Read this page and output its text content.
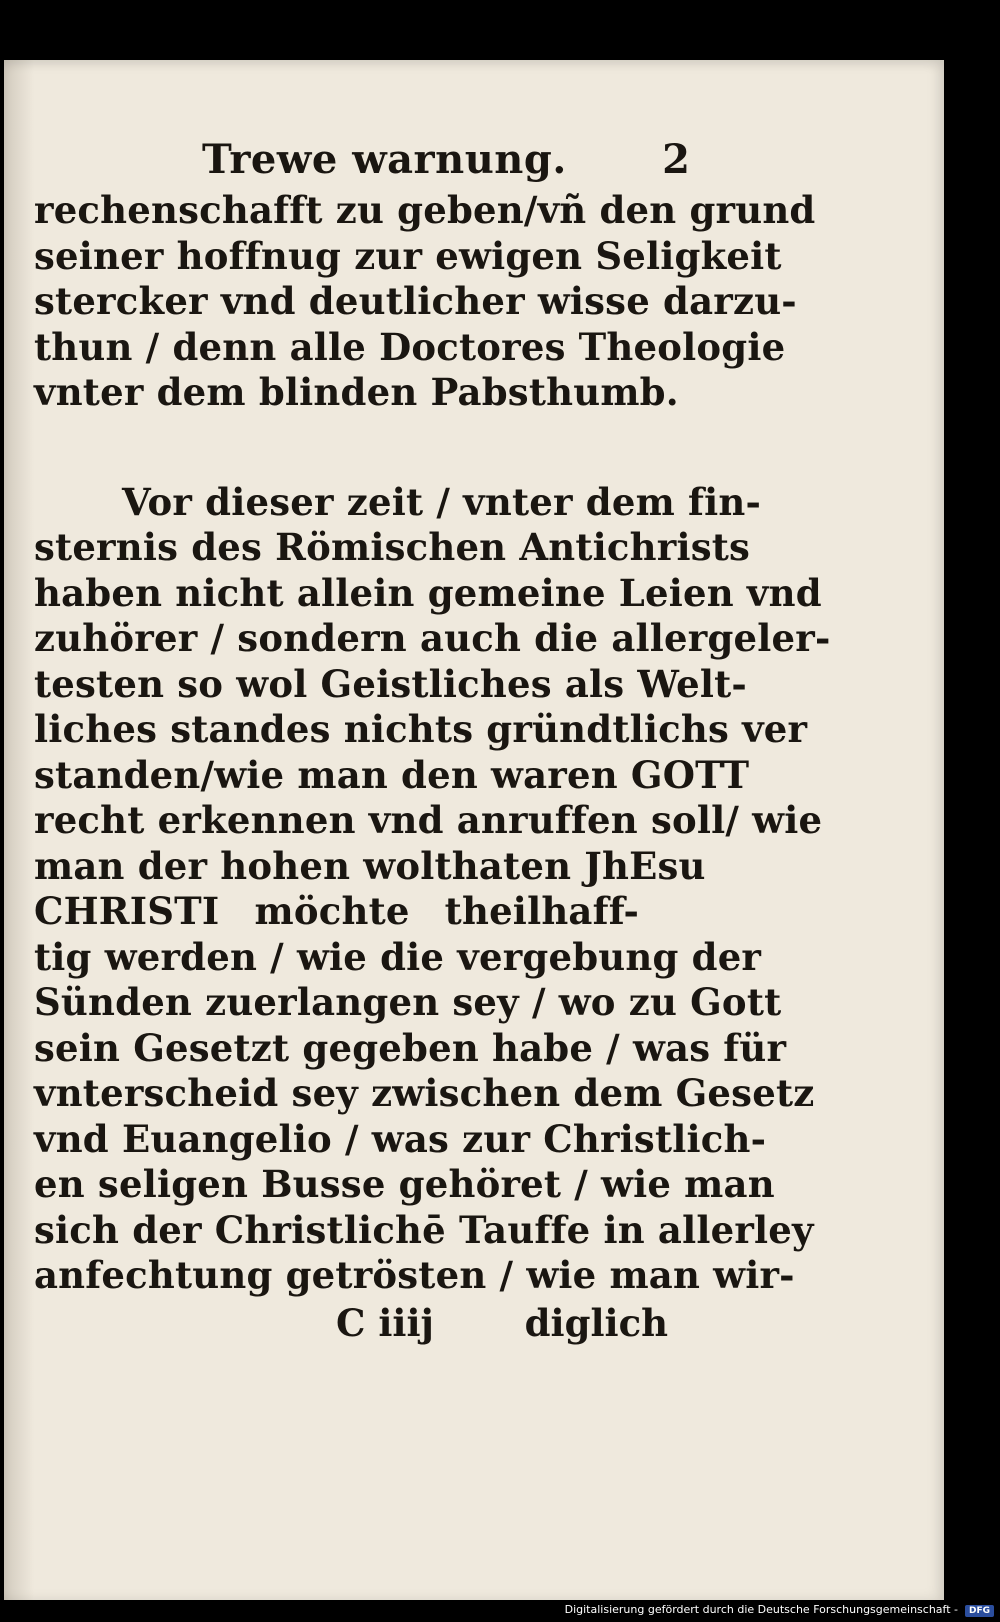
Trewe warnung. 2
rechenschafft zu geben/vñ den grund
seiner hoffnug zur ewigen Seligkeit
stercker vnd deutlicher wisse darzu-
thun / denn alle Doctores Theologie
vnter dem blinden Pabsthumb.
Vor dieser zeit / vnter dem fin-
sternis des Römischen Antichrists
haben nicht allein gemeine Leien vnd
zuhörer / sondern auch die allergeler-
testen so wol Geistliches als Welt-
liches standes nichts gründtlichs ver
standen/wie man den waren GOTT
recht erkennen vnd anruffen soll/ wie
man der hohen wolthaten JhEsu
CHRISTI möchte theilhaff-
tig werden / wie die vergebung der
Sünden zuerlangen sey / wo zu Gott
sein Gesetzt gegeben habe / was für
vnterscheid sey zwischen dem Gesetz
vnd Euangelio / was zur Christlich-
en seligen Busse gehöret / wie man
sich der Christlichē Tauffe in allerley
anfechtung getrösten / wie man wir-
C iiij diglich
Digitalisierung gefördert durch die Deutsche Forschungsgemeinschaft -	DFG
